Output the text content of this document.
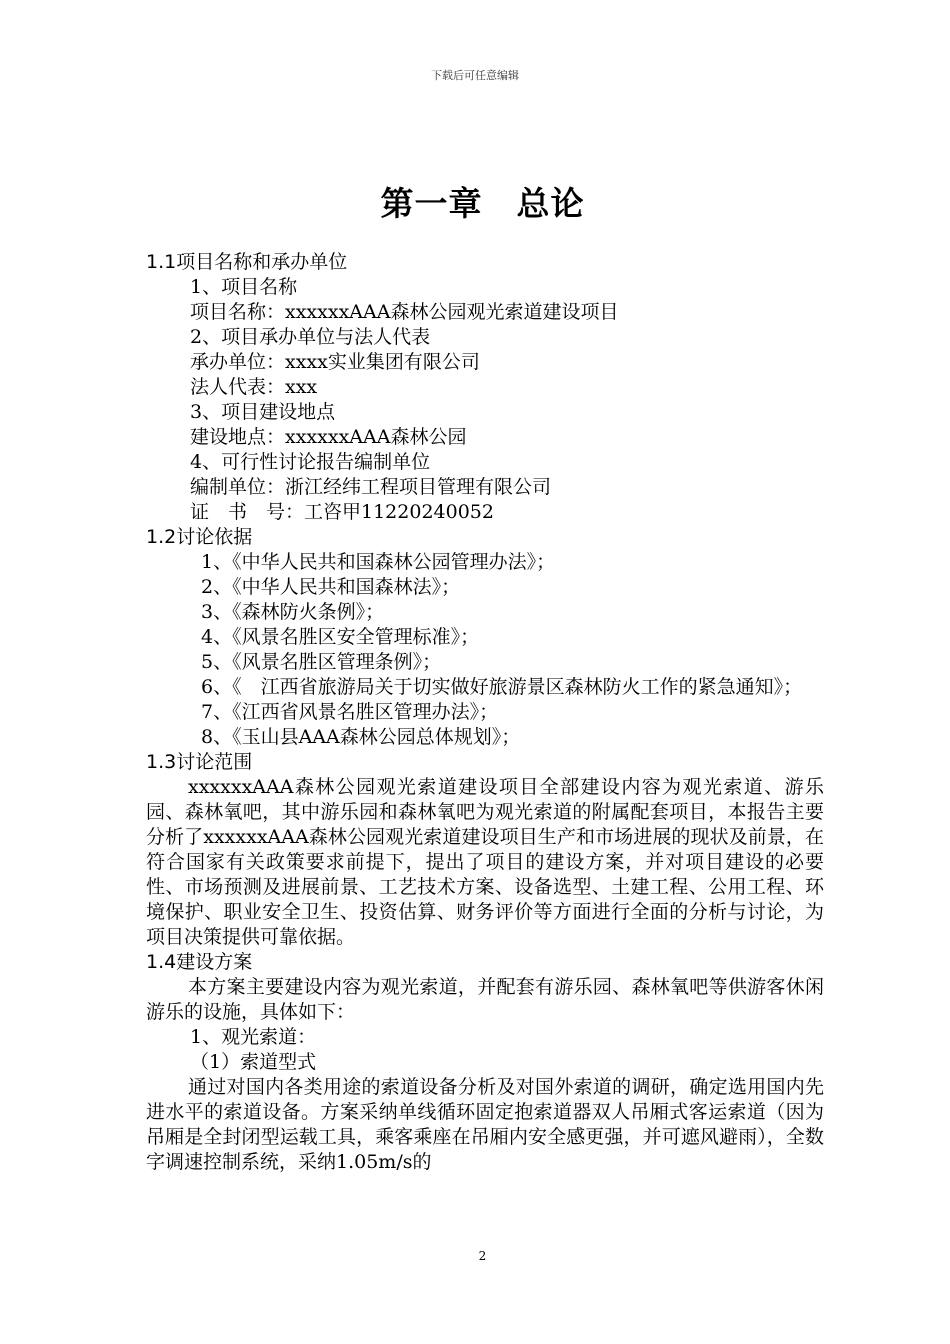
下载后可任意编辑
第一章　总论
1.1项目名称和承办单位
1、项目名称
项目名称：xxxxxxAAA森林公园观光索道建设项目
2、项目承办单位与法人代表
承办单位：xxxx实业集团有限公司
法人代表：xxx
3、项目建设地点
建设地点：xxxxxxAAA森林公园
4、可行性讨论报告编制单位
编制单位：浙江经纬工程项目管理有限公司
证　书　号：工咨甲11220240052
1.2讨论依据
1、《中华人民共和国森林公园管理办法》；
2、《中华人民共和国森林法》；
3、《森林防火条例》；
4、《风景名胜区安全管理标准》；
5、《风景名胜区管理条例》；
6、《　江西省旅游局关于切实做好旅游景区森林防火工作的紧急通知》；
7、《江西省风景名胜区管理办法》；
8、《玉山县AAA森林公园总体规划》；
1.3讨论范围
xxxxxxAAA森林公园观光索道建设项目全部建设内容为观光索道、游乐园、森林氧吧，其中游乐园和森林氧吧为观光索道的附属配套项目，本报告主要分析了xxxxxxAAA森林公园观光索道建设项目生产和市场进展的现状及前景，在符合国家有关政策要求前提下，提出了项目的建设方案，并对项目建设的必要性、市场预测及进展前景、工艺技术方案、设备选型、土建工程、公用工程、环境保护、职业安全卫生、投资估算、财务评价等方面进行全面的分析与讨论，为项目决策提供可靠依据。
1.4建设方案
本方案主要建设内容为观光索道，并配套有游乐园、森林氧吧等供游客休闲游乐的设施，具体如下：
1、观光索道：
（1）索道型式
通过对国内各类用途的索道设备分析及对国外索道的调研，确定选用国内先进水平的索道设备。方案采纳单线循环固定抱索道器双人吊厢式客运索道（因为吊厢是全封闭型运载工具，乘客乘座在吊厢内安全感更强，并可遮风避雨），全数字调速控制系统，采纳1.05m/s的
2
